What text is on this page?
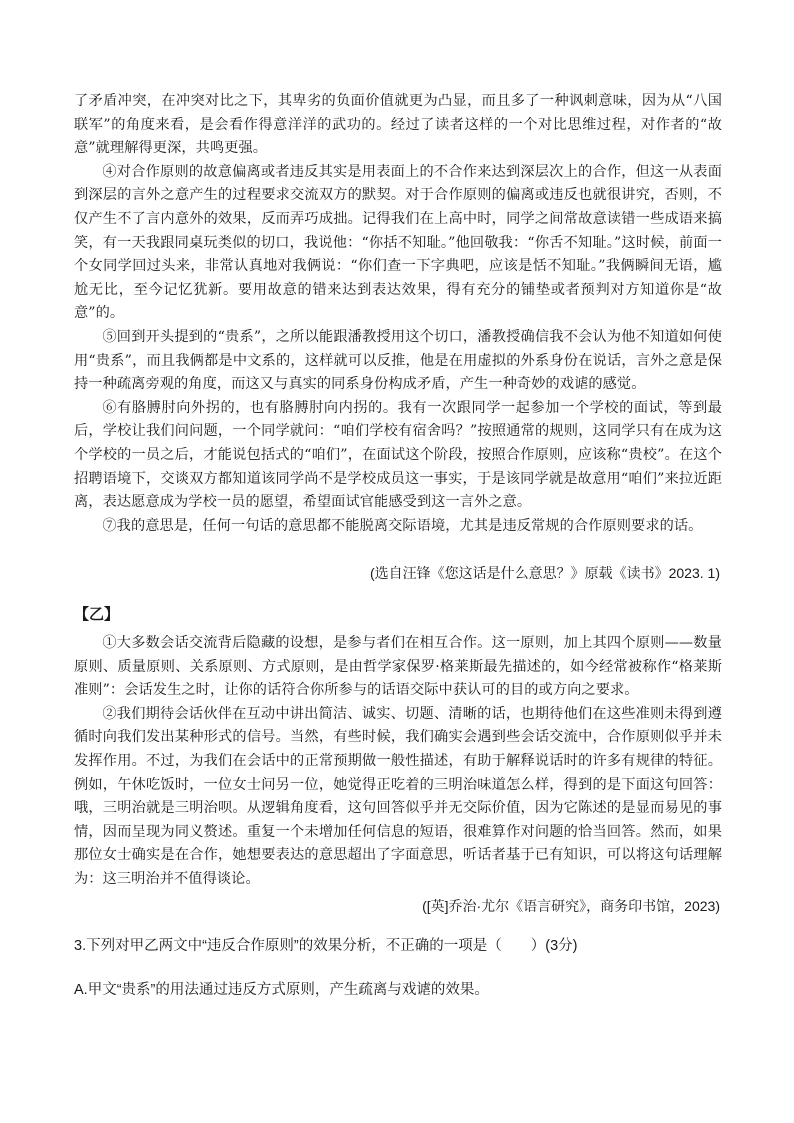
了矛盾冲突，在冲突对比之下，其卑劣的负面价值就更为凸显，而且多了一种讽刺意味，因为从“八国联军”的角度来看，是会看作得意洋洋的武功的。经过了读者这样的一个对比思维过程，对作者的“故意”就理解得更深，共鸣更强。

④对合作原则的故意偏离或者违反其实是用表面上的不合作来达到深层次上的合作，但这一从表面到深层的言外之意产生的过程要求交流双方的默契。对于合作原则的偏离或违反也就很讲究，否则，不仅产生不了言内意外的效果，反而弄巧成拙。记得我们在上高中时，同学之间常故意读错一些成语来搞笑，有一天我跟同桌玩类似的切口，我说他：“你括不知耻。”他回敬我：“你舌不知耻。”这时候，前面一个女同学回过头来，非常认真地对我俩说：“你们查一下字典吧，应该是恬不知耻。”我俩瞬间无语，尴尬无比，至今记忆犹新。要用故意的错来达到表达效果，得有充分的铺垫或者预判对方知道你是“故意”的。

⑤回到开头提到的“贵系”，之所以能跟潘教授用这个切口，潘教授确信我不会认为他不知道如何使用“贵系”，而且我俩都是中文系的，这样就可以反推，他是在用虚拟的外系身份在说话，言外之意是保持一种疏离旁观的角度，而这又与真实的同系身份构成矛盾，产生一种奇妙的戏谑的感觉。

⑥有胳膊肘向外拐的，也有胳膊肘向内拐的。我有一次跟同学一起参加一个学校的面试，等到最后，学校让我们问问题，一个同学就问：“咱们学校有宿舍吗？”按照通常的规则，这同学只有在成为这个学校的一员之后，才能说包括式的“咱们”，在面试这个阶段，按照合作原则，应该称“贵校”。在这个招聘语境下，交谈双方都知道该同学尚不是学校成员这一事实，于是该同学就是故意用“咱们”来拉近距离，表达愿意成为学校一员的愿望，希望面试官能感受到这一言外之意。

⑦我的意思是，任何一句话的意思都不能脱离交际语境，尤其是违反常规的合作原则要求的话。

(选自汪锋《您这话是什么意思？》原载《读书》2023. 1)
【乙】

①大多数会话交流背后隐藏的设想，是参与者们在相互合作。这一原则，加上其四个原则——数量原则、质量原则、关系原则、方式原则，是由哲学家保罗·格莱斯最先描述的，如今经常被称作“格莱斯准则”：会话发生之时，让你的话符合你所参与的话语交际中获认可的目的或方向之要求。

②我们期待会话伙伴在互动中讲出简洁、诚实、切题、清晰的话，也期待他们在这些准则未得到遵循时向我们发出某种形式的信号。当然，有些时候，我们确实会遇到些会话交流中，合作原则似乎并未发挥作用。不过，为我们在会话中的正常预期做一般性描述，有助于解释说话时的许多有规律的特征。例如，午休吃饭时，一位女士问另一位，她觉得正吃着的三明治味道怎么样，得到的是下面这句回答：哦，三明治就是三明治呗。从逻辑角度看，这句回答似乎并无交际价值，因为它陈述的是显而易见的事情，因而呈现为同义赘述。重复一个未增加任何信息的短语，很难算作对问题的恰当回答。然而，如果那位女士确实是在合作，她想要表达的意思超出了字面意思，听话者基于已有知识，可以将这句话理解为：这三明治并不值得谈论。

([英]乔治·尤尔《语言研究》，商务印书馆，2023)
3.下列对甲乙两文中“违反合作原则”的效果分析，不正确的一项是（　　）(3分)
A.甲文“贵系”的用法通过违反方式原则，产生疏离与戏谑的效果。
